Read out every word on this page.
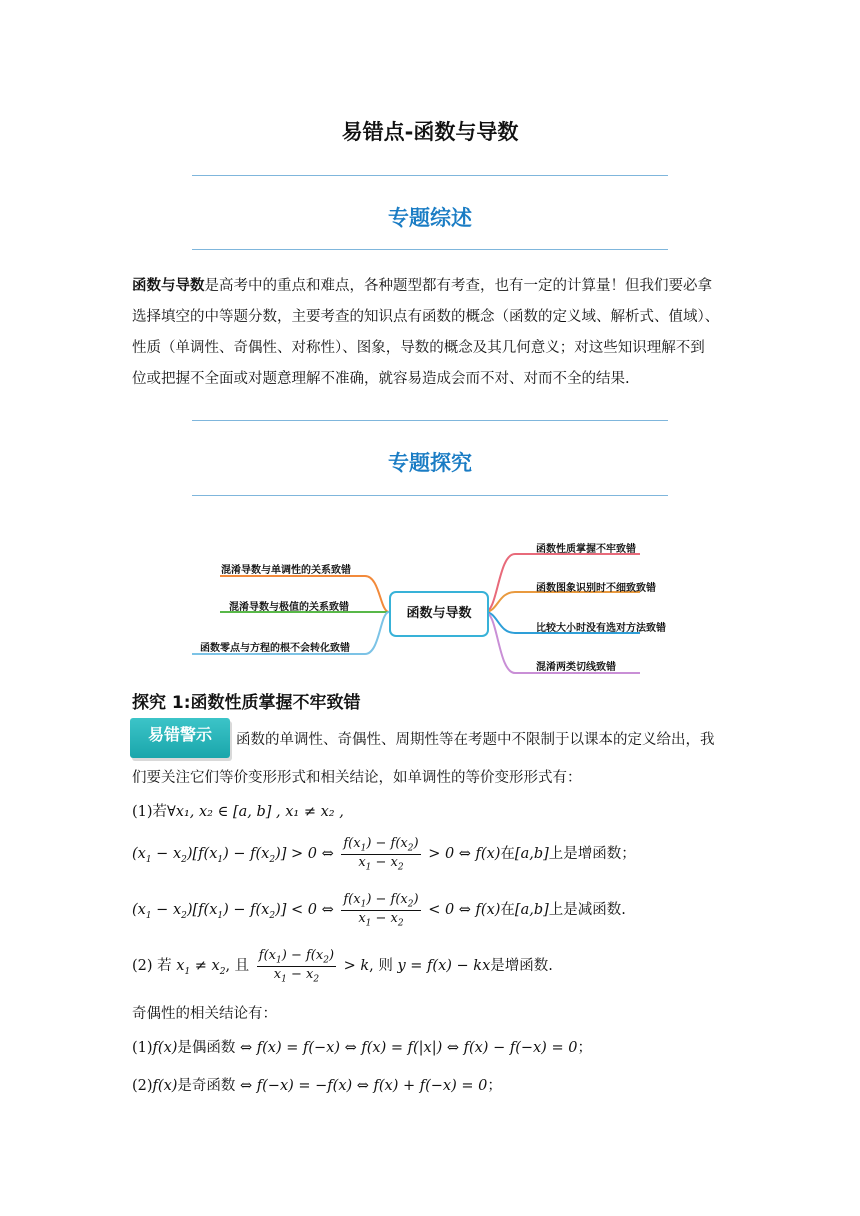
易错点-函数与导数
专题综述
函数与导数是高考中的重点和难点，各种题型都有考查，也有一定的计算量！但我们要必拿
选择填空的中等题分数，主要考查的知识点有函数的概念（函数的定义域、解析式、值域）、
性质（单调性、奇偶性、对称性）、图象，导数的概念及其几何意义；对这些知识理解不到
位或把握不全面或对题意理解不准确，就容易造成会而不对、对而不全的结果.
专题探究
函数与导数
混淆导数与单调性的关系致错
混淆导数与极值的关系致错
函数零点与方程的根不会转化致错
函数性质掌握不牢致错
函数图象识别时不细致致错
比较大小时没有选对方法致错
混淆两类切线致错
探究 1:函数性质掌握不牢致错
易错警示	函数的单调性、奇偶性、周期性等在考题中不限制于以课本的定义给出，我
们要关注它们等价变形形式和相关结论，如单调性的等价变形形式有：
(1)若∀x₁, x₂ ∈ [a, b] , x₁ ≠ x₂ ,
$(x_1 - x_2)[f(x_1) - f(x_2)] > 0$ ⇔ $\frac{f(x_1) - f(x_2)}{x_1 - x_2} > 0$ ⇔ f(x)在[a,b]上是增函数；
$(x_1 - x_2)[f(x_1) - f(x_2)] < 0$ ⇔ $\frac{f(x_1) - f(x_2)}{x_1 - x_2} < 0$ ⇔ f(x)在[a,b]上是减函数.
(2) 若 $x_1 \ne x_2$, 且 $\frac{f(x_1) - f(x_2)}{x_1 - x_2} > k$, 则 y = f(x) − kx是增函数.
奇偶性的相关结论有：
(1)f(x)是偶函数 ⇔ f(x) = f(−x) ⇔ f(x) = f(|x|) ⇔ f(x) − f(−x) = 0；
(2)f(x)是奇函数 ⇔ f(−x) = −f(x) ⇔ f(x) + f(−x) = 0；
